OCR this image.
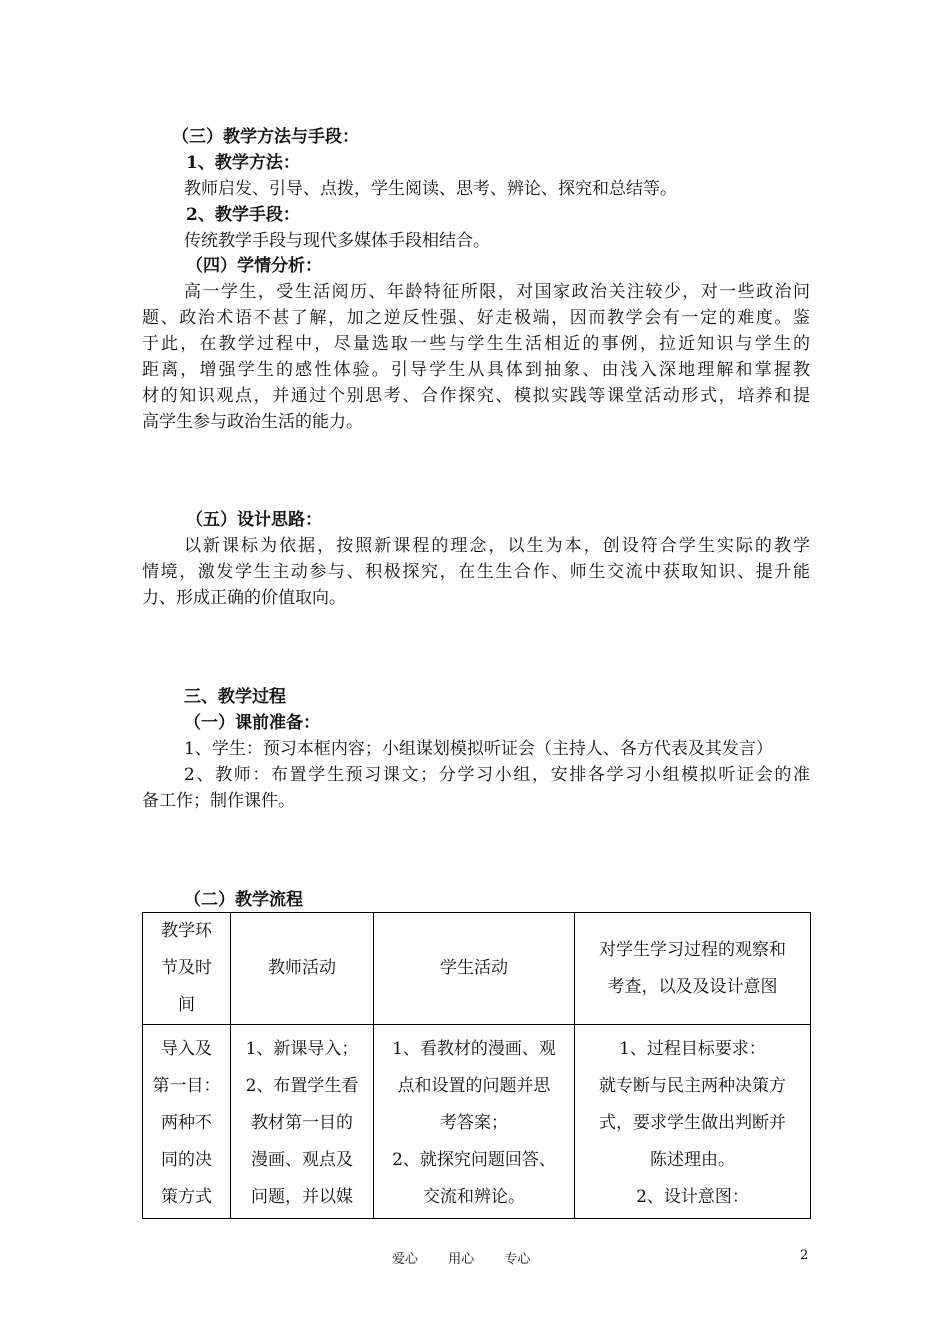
（三）教学方法与手段：
1、教学方法：
教师启发、引导、点拨，学生阅读、思考、辨论、探究和总结等。
2、教学手段：
传统教学手段与现代多媒体手段相结合。
（四）学情分析：
高一学生，受生活阅历、年龄特征所限，对国家政治关注较少，对一些政治问
题、政治术语不甚了解，加之逆反性强、好走极端，因而教学会有一定的难度。鉴
于此，在教学过程中，尽量选取一些与学生生活相近的事例，拉近知识与学生的
距离，增强学生的感性体验。引导学生从具体到抽象、由浅入深地理解和掌握教
材的知识观点，并通过个别思考、合作探究、模拟实践等课堂活动形式，培养和提
高学生参与政治生活的能力。
（五）设计思路：
以新课标为依据，按照新课程的理念，以生为本，创设符合学生实际的教学
情境，激发学生主动参与、积极探究，在生生合作、师生交流中获取知识、提升能
力、形成正确的价值取向。
三、教学过程
（一）课前准备：
1、学生：预习本框内容；小组谋划模拟听证会（主持人、各方代表及其发言）
2、教师：布置学生预习课文；分学习小组，安排各学习小组模拟听证会的准
备工作；制作课件。
（二）教学流程
教学环
节及时
间	教师活动	学生活动	对学生学习过程的观察和
考查，以及及设计意图

导入及
第一目：
两种不
同的决
策方式	1、新课导入；
2、布置学生看
教材第一目的
漫画、观点及
问题，并以媒	1、看教材的漫画、观
点和设置的问题并思
考答案；
2、就探究问题回答、
交流和辨论。	1、过程目标要求：
就专断与民主两种决策方
式，要求学生做出判断并
陈述理由。
2、设计意图：
爱心 用心 专心	2
